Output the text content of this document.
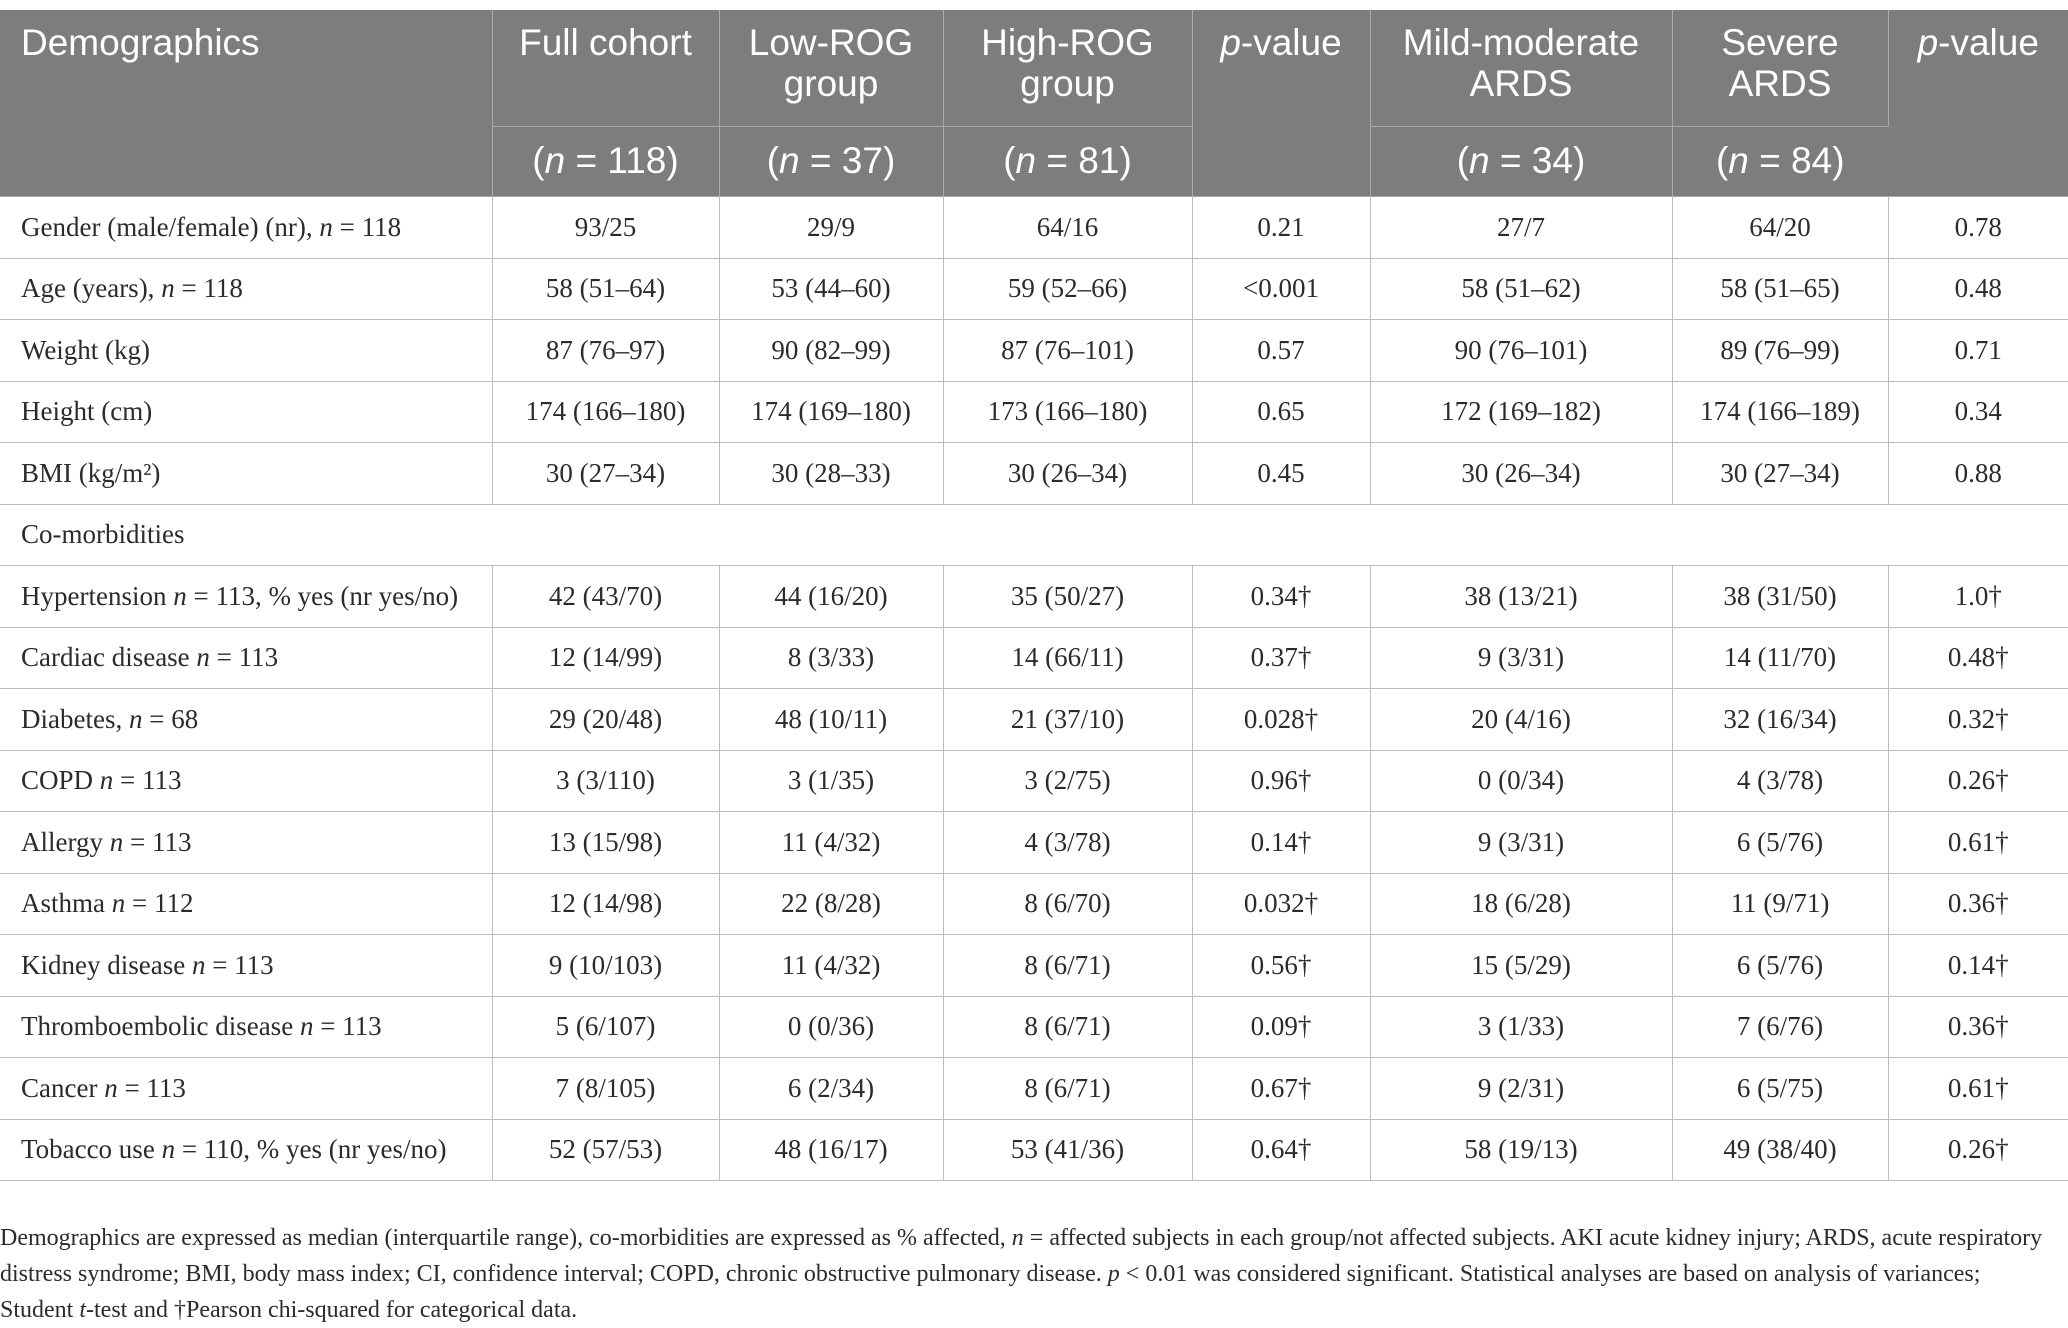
Demographics	Full cohort	Low-ROG group	High-ROG group	p-value	Mild-moderate ARDS	Severe ARDS	p-value
	(n = 118)	(n = 37)	(n = 81)		(n = 34)	(n = 84)	
Gender (male/female) (nr), n = 118	93/25	29/9	64/16	0.21	27/7	64/20	0.78
Age (years), n = 118	58 (51–64)	53 (44–60)	59 (52–66)	<0.001	58 (51–62)	58 (51–65)	0.48
Weight (kg)	87 (76–97)	90 (82–99)	87 (76–101)	0.57	90 (76–101)	89 (76–99)	0.71
Height (cm)	174 (166–180)	174 (169–180)	173 (166–180)	0.65	172 (169–182)	174 (166–189)	0.34
BMI (kg/m²)	30 (27–34)	30 (28–33)	30 (26–34)	0.45	30 (26–34)	30 (27–34)	0.88
Co-morbidities							
Hypertension n = 113, % yes (nr yes/no)	42 (43/70)	44 (16/20)	35 (50/27)	0.34†	38 (13/21)	38 (31/50)	1.0†
Cardiac disease n = 113	12 (14/99)	8 (3/33)	14 (66/11)	0.37†	9 (3/31)	14 (11/70)	0.48†
Diabetes, n = 68	29 (20/48)	48 (10/11)	21 (37/10)	0.028†	20 (4/16)	32 (16/34)	0.32†
COPD n = 113	3 (3/110)	3 (1/35)	3 (2/75)	0.96†	0 (0/34)	4 (3/78)	0.26†
Allergy n = 113	13 (15/98)	11 (4/32)	4 (3/78)	0.14†	9 (3/31)	6 (5/76)	0.61†
Asthma n = 112	12 (14/98)	22 (8/28)	8 (6/70)	0.032†	18 (6/28)	11 (9/71)	0.36†
Kidney disease n = 113	9 (10/103)	11 (4/32)	8 (6/71)	0.56†	15 (5/29)	6 (5/76)	0.14†
Thromboembolic disease n = 113	5 (6/107)	0 (0/36)	8 (6/71)	0.09†	3 (1/33)	7 (6/76)	0.36†
Cancer n = 113	7 (8/105)	6 (2/34)	8 (6/71)	0.67†	9 (2/31)	6 (5/75)	0.61†
Tobacco use n = 110, % yes (nr yes/no)	52 (57/53)	48 (16/17)	53 (41/36)	0.64†	58 (19/13)	49 (38/40)	0.26†
Demographics are expressed as median (interquartile range), co-morbidities are expressed as % affected, n = affected subjects in each group/not affected subjects. AKI acute kidney injury; ARDS, acute respiratory distress syndrome; BMI, body mass index; CI, confidence interval; COPD, chronic obstructive pulmonary disease. p < 0.01 was considered significant. Statistical analyses are based on analysis of variances; Student t-test and †Pearson chi-squared for categorical data.
